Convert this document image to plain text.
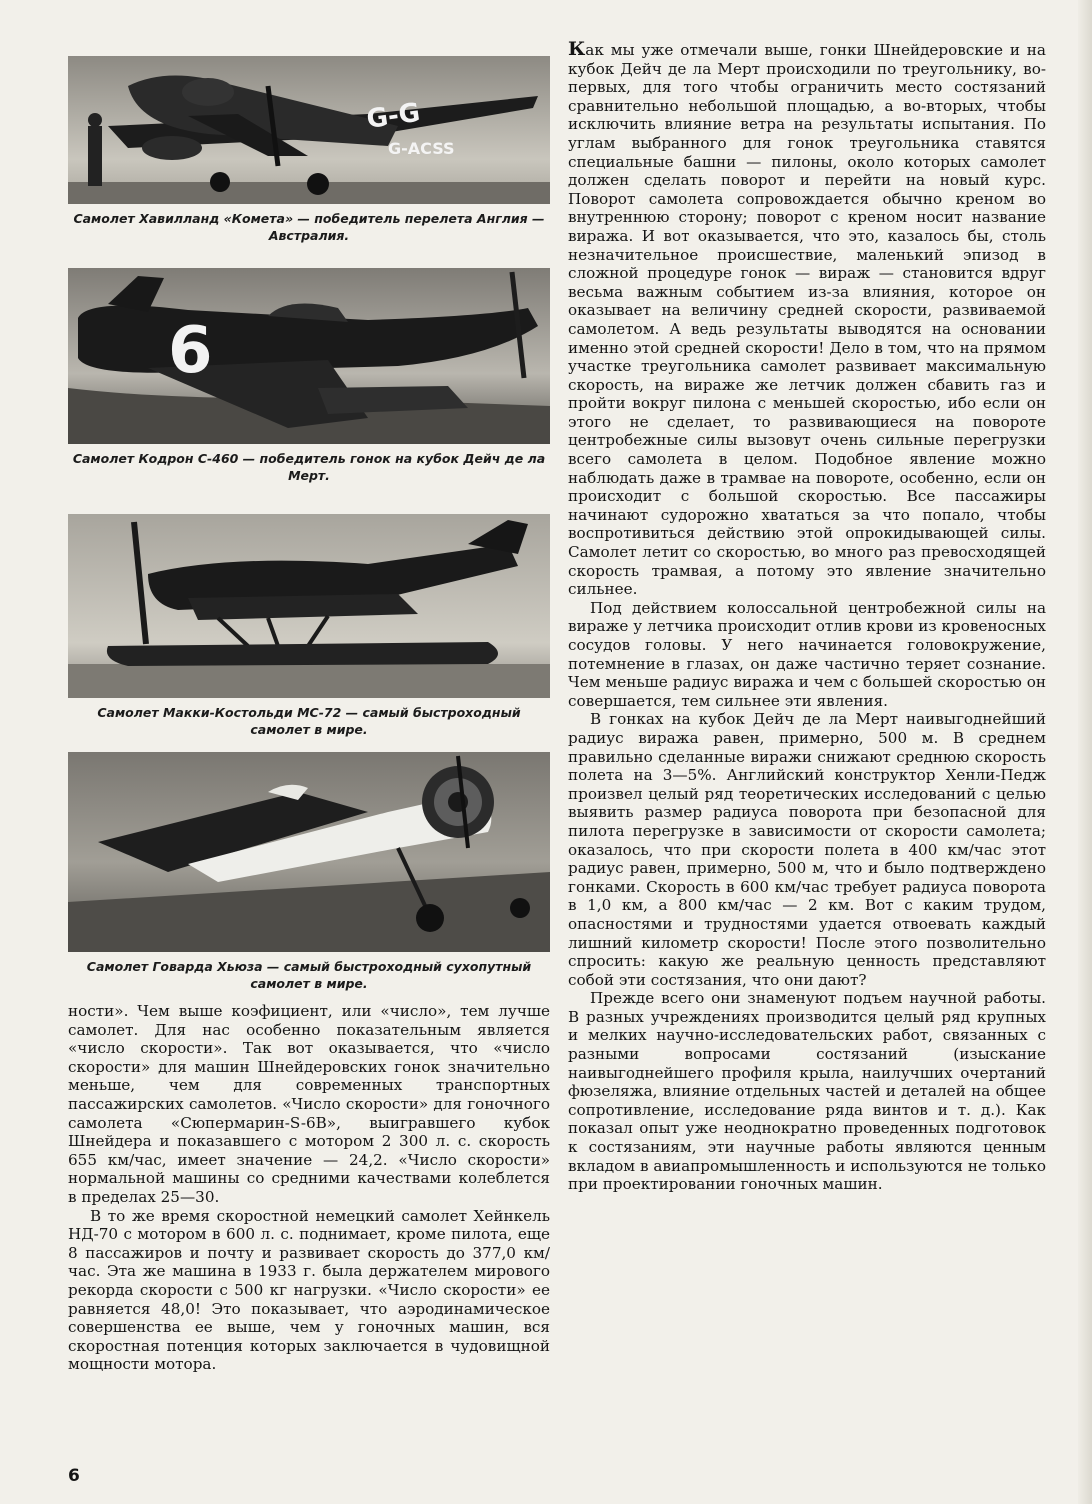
G-G
G-ACSS
Самолет Хавилланд «Комета» — победитель перелета Англия — Австралия.
6
Самолет Кодрон С-460 — победитель гонок на кубок Дейч де ла Мерт.
Самолет Макки-Костольди МС-72 — самый быстроходный самолет в мире.
Самолет Говарда Хьюза — самый быстроходный сухопутный самолет в мире.

ности». Чем выше коэфициент, или «число», тем лучше самолет. Для нас особенно показательным является «число скорости». Так вот оказывается, что «число скорости» для машин Шнейдеровских гонок значительно меньше, чем для современных транспортных пассажирских самолетов. «Число скорости» для гоночного самолета «Сюпермарин-S-6B», выигравшего кубок Шнейдера и показавшего с мотором 2 300 л. с. скорость 655 км/час, имеет значение — 24,2. «Число скорости» нормальной машины со средними качествами колеблется в пределах 25—30.

В то же время скоростной немецкий самолет Хейнкель НД-70 с мотором в 600 л. с. поднимает, кроме пилота, еще 8 пассажиров и почту и развивает скорость до 377,0 км/час. Эта же машина в 1933 г. была держателем мирового рекорда скорости с 500 кг нагрузки. «Число скорости» ее равняется 48,0! Это показывает, что аэродинамическое совершенства ее выше, чем у гоночных машин, вся скоростная потенция которых заключается в чудовищной мощности мотора.

Как мы уже отмечали выше, гонки Шнейдеровские и на кубок Дейч де ла Мерт происходили по треугольнику, во-первых, для того чтобы ограничить место состязаний сравнительно небольшой площадью, а во-вторых, чтобы исключить влияние ветра на результаты испытания. По углам выбранного для гонок треугольника ставятся специальные башни — пилоны, около которых самолет должен сделать поворот и перейти на новый курс. Поворот самолета сопровождается обычно креном во внутреннюю сторону; поворот с креном носит название виража. И вот оказывается, что это, казалось бы, столь незначительное происшествие, маленький эпизод в сложной процедуре гонок — вираж — становится вдруг весьма важным событием из-за влияния, которое он оказывает на величину средней скорости, развиваемой самолетом. А ведь результаты выводятся на основании именно этой средней скорости! Дело в том, что на прямом участке треугольника самолет развивает максимальную скорость, на вираже же летчик должен сбавить газ и пройти вокруг пилона с меньшей скоростью, ибо если он этого не сделает, то развивающиеся на повороте центробежные силы вызовут очень сильные перегрузки всего самолета в целом. Подобное явление можно наблюдать даже в трамвае на повороте, особенно, если он происходит с большой скоростью. Все пассажиры начинают судорожно хвататься за что попало, чтобы воспротивиться действию этой опрокидывающей силы. Самолет летит со скоростью, во много раз превосходящей скорость трамвая, а потому это явление значительно сильнее.

Под действием колоссальной центробежной силы на вираже у летчика происходит отлив крови из кровеносных сосудов головы. У него начинается головокружение, потемнение в глазах, он даже частично теряет сознание. Чем меньше радиус виража и чем с большей скоростью он совершается, тем сильнее эти явления.

В гонках на кубок Дейч де ла Мерт наивыгоднейший радиус виража равен, примерно, 500 м. В среднем правильно сделанные виражи снижают среднюю скорость полета на 3—5%. Английский конструктор Хенли-Педж произвел целый ряд теоретических исследований с целью выявить размер радиуса поворота при безопасной для пилота перегрузке в зависимости от скорости самолета; оказалось, что при скорости полета в 400 км/час этот радиус равен, примерно, 500 м, что и было подтверждено гонками. Скорость в 600 км/час требует радиуса поворота в 1,0 км, а 800 км/час — 2 км. Вот с каким трудом, опасностями и трудностями удается отвоевать каждый лишний километр скорости! После этого позволительно спросить: какую же реальную ценность представляют собой эти состязания, что они дают?

Прежде всего они знаменуют подъем научной работы. В разных учреждениях производится целый ряд крупных и мелких научно-исследовательских работ, связанных с разными вопросами состязаний (изыскание наивыгоднейшего профиля крыла, наилучших очертаний фюзеляжа, влияние отдельных частей и деталей на общее сопротивление, исследование ряда винтов и т. д.). Как показал опыт уже неоднократно проведенных подготовок к состязаниям, эти научные работы являются ценным вкладом в авиапромышленность и используются не только при проектировании гоночных машин.

6
